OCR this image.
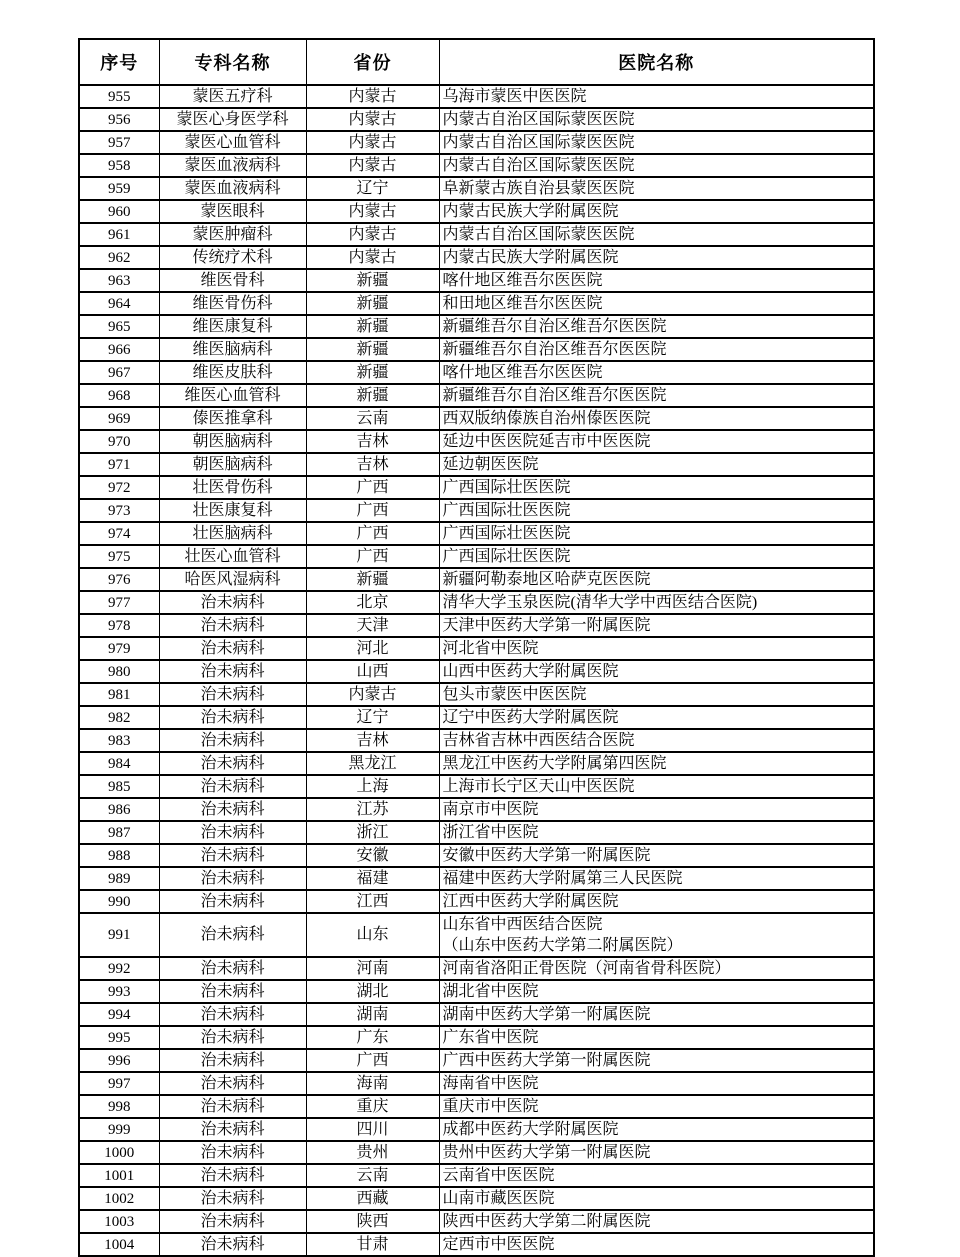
序号	专科名称	省份	医院名称
955	蒙医五疗科	内蒙古	乌海市蒙医中医医院

956	蒙医心身医学科	内蒙古	内蒙古自治区国际蒙医医院

957	蒙医心血管科	内蒙古	内蒙古自治区国际蒙医医院

958	蒙医血液病科	内蒙古	内蒙古自治区国际蒙医医院

959	蒙医血液病科	辽宁	阜新蒙古族自治县蒙医医院

960	蒙医眼科	内蒙古	内蒙古民族大学附属医院

961	蒙医肿瘤科	内蒙古	内蒙古自治区国际蒙医医院

962	传统疗术科	内蒙古	内蒙古民族大学附属医院

963	维医骨科	新疆	喀什地区维吾尔医医院

964	维医骨伤科	新疆	和田地区维吾尔医医院

965	维医康复科	新疆	新疆维吾尔自治区维吾尔医医院

966	维医脑病科	新疆	新疆维吾尔自治区维吾尔医医院

967	维医皮肤科	新疆	喀什地区维吾尔医医院

968	维医心血管科	新疆	新疆维吾尔自治区维吾尔医医院

969	傣医推拿科	云南	西双版纳傣族自治州傣医医院

970	朝医脑病科	吉林	延边中医医院延吉市中医医院

971	朝医脑病科	吉林	延边朝医医院

972	壮医骨伤科	广西	广西国际壮医医院

973	壮医康复科	广西	广西国际壮医医院

974	壮医脑病科	广西	广西国际壮医医院

975	壮医心血管科	广西	广西国际壮医医院

976	哈医风湿病科	新疆	新疆阿勒泰地区哈萨克医医院

977	治未病科	北京	清华大学玉泉医院(清华大学中西医结合医院)

978	治未病科	天津	天津中医药大学第一附属医院

979	治未病科	河北	河北省中医院

980	治未病科	山西	山西中医药大学附属医院

981	治未病科	内蒙古	包头市蒙医中医医院

982	治未病科	辽宁	辽宁中医药大学附属医院

983	治未病科	吉林	吉林省吉林中西医结合医院

984	治未病科	黑龙江	黑龙江中医药大学附属第四医院

985	治未病科	上海	上海市长宁区天山中医医院

986	治未病科	江苏	南京市中医院

987	治未病科	浙江	浙江省中医院

988	治未病科	安徽	安徽中医药大学第一附属医院

989	治未病科	福建	福建中医药大学附属第三人民医院

990	治未病科	江西	江西中医药大学附属医院

991	治未病科	山东	山东省中西医结合医院
（山东中医药大学第二附属医院）

992	治未病科	河南	河南省洛阳正骨医院（河南省骨科医院）

993	治未病科	湖北	湖北省中医院

994	治未病科	湖南	湖南中医药大学第一附属医院

995	治未病科	广东	广东省中医院

996	治未病科	广西	广西中医药大学第一附属医院

997	治未病科	海南	海南省中医院

998	治未病科	重庆	重庆市中医院

999	治未病科	四川	成都中医药大学附属医院

1000	治未病科	贵州	贵州中医药大学第一附属医院

1001	治未病科	云南	云南省中医医院

1002	治未病科	西藏	山南市藏医医院

1003	治未病科	陕西	陕西中医药大学第二附属医院

1004	治未病科	甘肃	定西市中医医院
